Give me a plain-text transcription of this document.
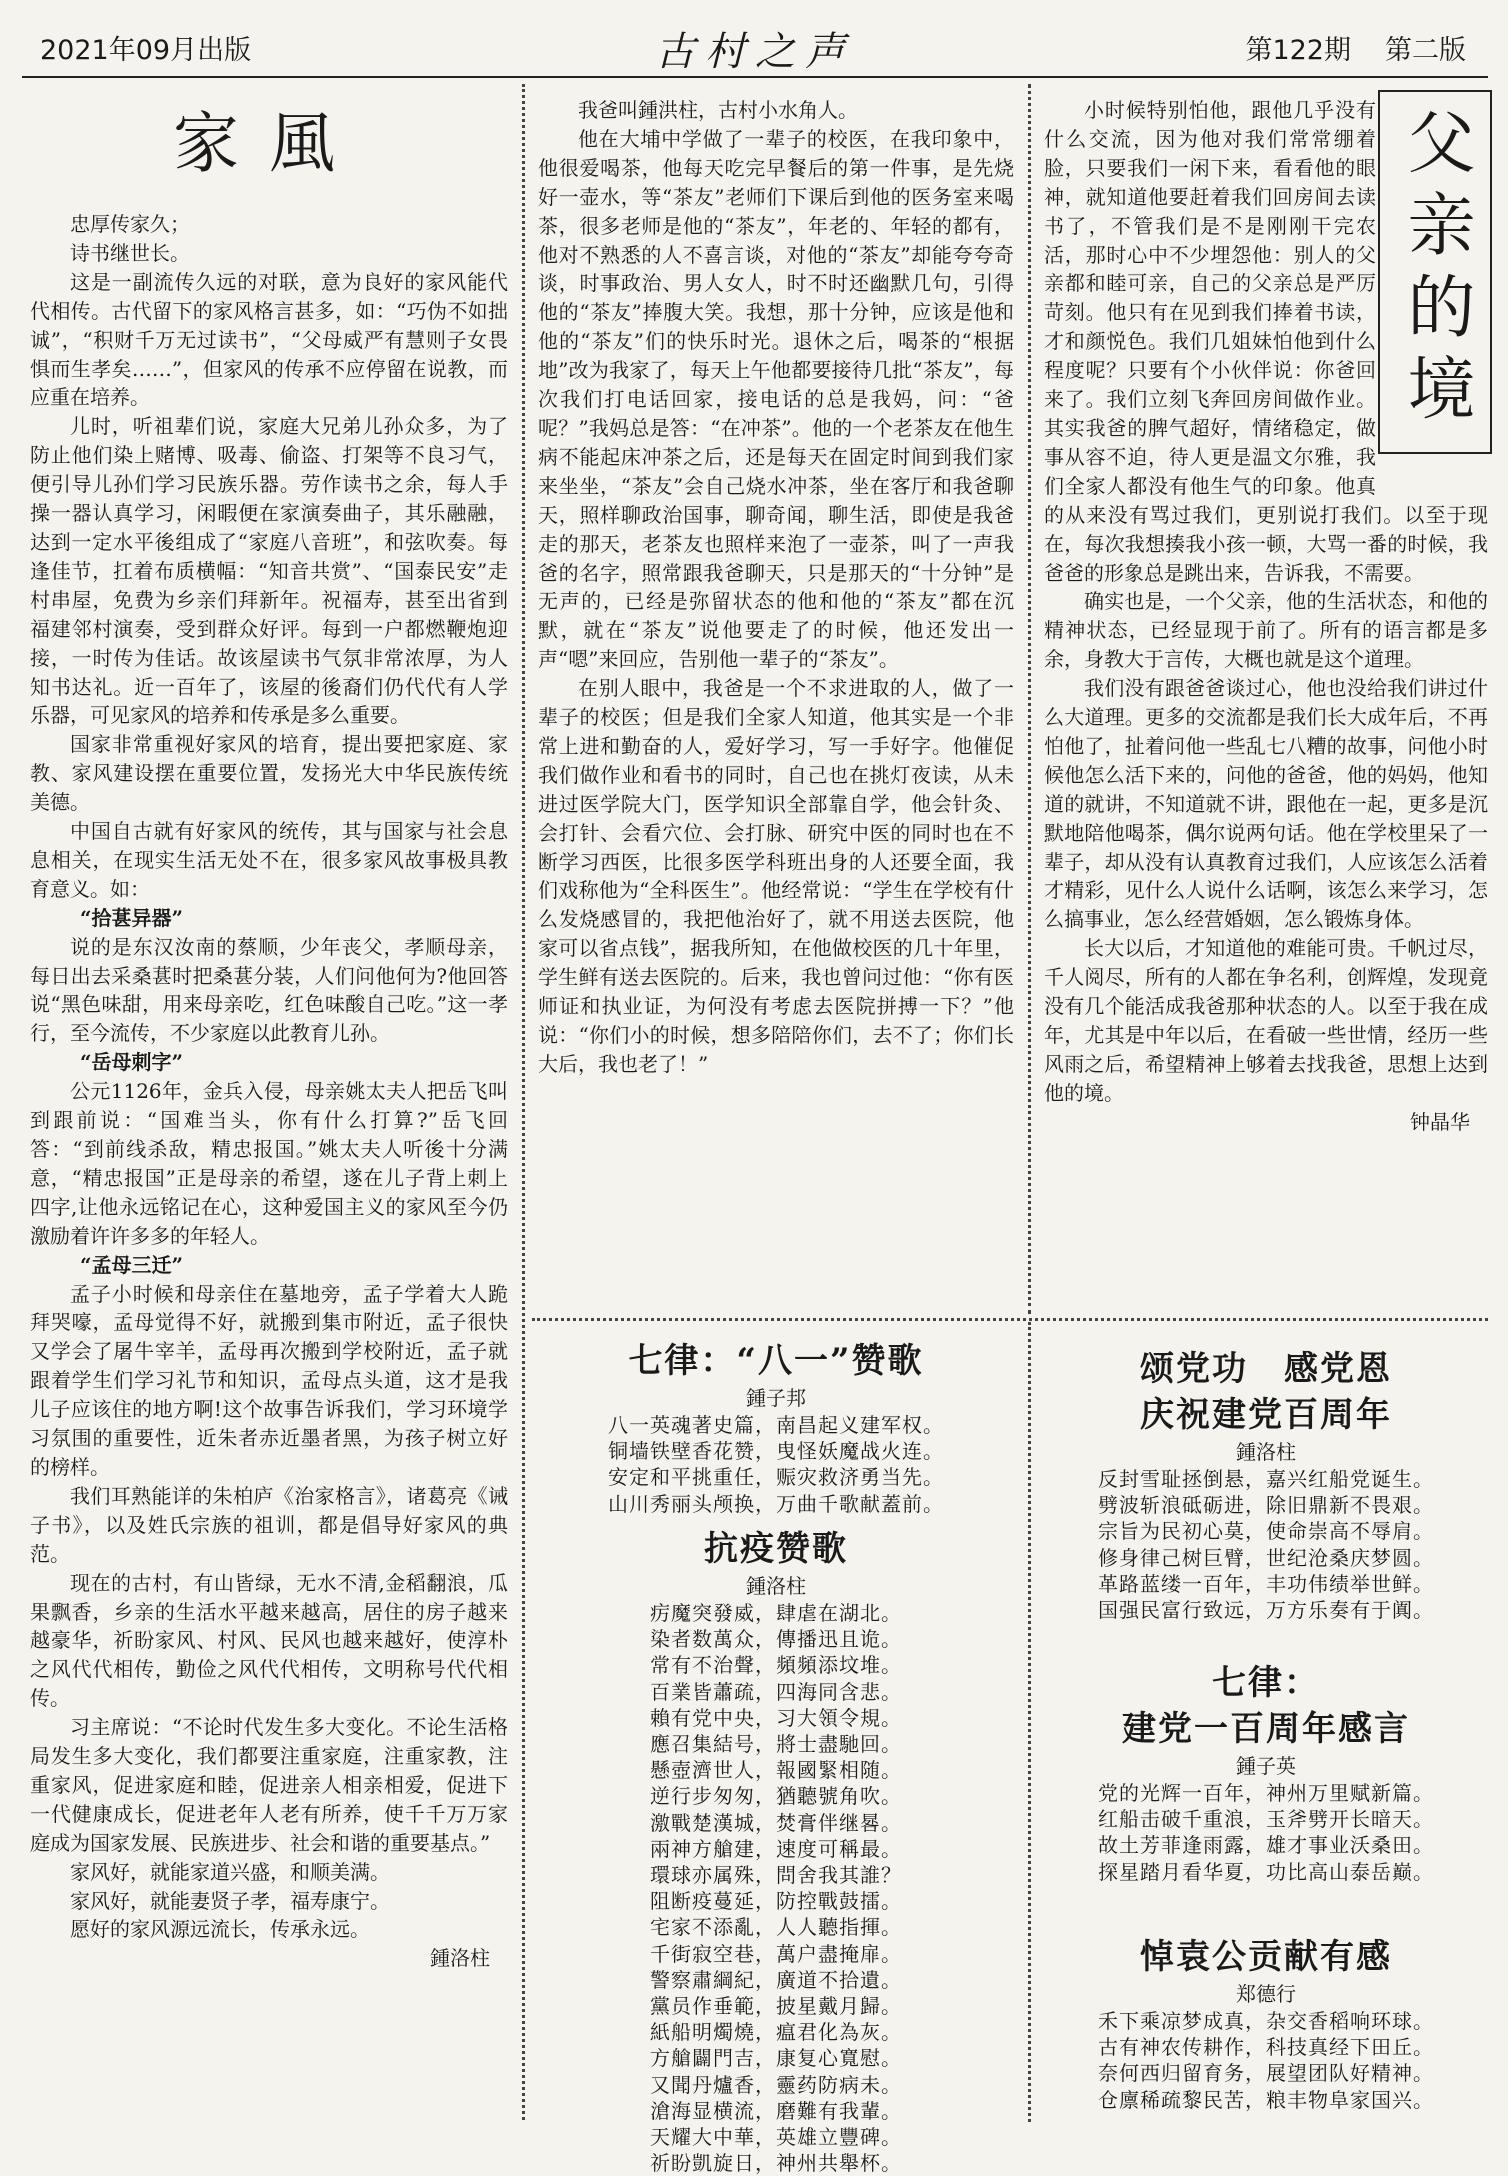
2021年09月出版	古村之声	第122期 第二版
家風

忠厚传家久；

诗书继世长。

这是一副流传久远的对联，意为良好的家风能代代相传。古代留下的家风格言甚多，如：“巧伪不如拙诚”，“积财千万无过读书”，“父母威严有慧则子女畏惧而生孝矣……”，但家风的传承不应停留在说教，而应重在培养。

儿时，听祖辈们说，家庭大兄弟儿孙众多，为了防止他们染上赌博、吸毒、偷盗、打架等不良习气，便引导儿孙们学习民族乐器。劳作读书之余，每人手操一器认真学习，闲暇便在家演奏曲子，其乐融融，达到一定水平後组成了“家庭八音班”，和弦吹奏。每逢佳节，扛着布质横幅：“知音共赏”、“国泰民安”走村串屋，免费为乡亲们拜新年。祝福寿，甚至出省到福建邻村演奏，受到群众好评。每到一户都燃鞭炮迎接，一时传为佳话。故该屋读书气氛非常浓厚，为人知书达礼。近一百年了，该屋的後裔们仍代代有人学乐器，可见家风的培养和传承是多么重要。

国家非常重视好家风的培育，提出要把家庭、家教、家风建设摆在重要位置，发扬光大中华民族传统美德。

中国自古就有好家风的统传，其与国家与社会息息相关，在现实生活无处不在，很多家风故事极具教育意义。如：

“拾葚异器”

说的是东汉汝南的蔡顺，少年丧父，孝顺母亲，每日出去采桑葚时把桑葚分装，人们问他何为?他回答说“黑色味甜，用来母亲吃，红色味酸自己吃。”这一孝行，至今流传，不少家庭以此教育儿孙。

“岳母刺字”

公元1126年，金兵入侵，母亲姚太夫人把岳飞叫到跟前说：“国难当头，你有什么打算?”岳飞回答：“到前线杀敌，精忠报国。”姚太夫人听後十分满意，“精忠报国”正是母亲的希望，遂在儿子背上刺上四字,让他永远铭记在心，这种爱国主义的家风至今仍激励着许许多多的年轻人。

“孟母三迁”

孟子小时候和母亲住在墓地旁，孟子学着大人跪拜哭嚎，孟母觉得不好，就搬到集市附近，孟子很快又学会了屠牛宰羊，孟母再次搬到学校附近，孟子就跟着学生们学习礼节和知识，孟母点头道，这才是我儿子应该住的地方啊!这个故事告诉我们，学习环境学习氛围的重要性，近朱者赤近墨者黑，为孩子树立好的榜样。

我们耳熟能详的朱柏庐《治家格言》，诸葛亮《诫子书》，以及姓氏宗族的祖训，都是倡导好家风的典范。

现在的古村，有山皆绿，无水不清,金稻翻浪，瓜果飘香，乡亲的生活水平越来越高，居住的房子越来越豪华，祈盼家风、村风、民风也越来越好，使淳朴之风代代相传，勤俭之风代代相传，文明称号代代相传。

习主席说：“不论时代发生多大变化。不论生活格局发生多大变化，我们都要注重家庭，注重家教，注重家风，促进家庭和睦，促进亲人相亲相爱，促进下一代健康成长，促进老年人老有所养，使千千万万家庭成为国家发展、民族进步、社会和谐的重要基点。”

家风好，就能家道兴盛，和顺美满。

家风好，就能妻贤子孝，福寿康宁。

愿好的家风源远流长，传承永远。

鍾洛柱

我爸叫鍾洪柱，古村小水角人。

他在大埔中学做了一辈子的校医，在我印象中，他很爱喝茶，他每天吃完早餐后的第一件事，是先烧好一壶水，等“茶友”老师们下课后到他的医务室来喝茶，很多老师是他的“茶友”，年老的、年轻的都有，他对不熟悉的人不喜言谈，对他的“茶友”却能夸夸奇谈，时事政治、男人女人，时不时还幽默几句，引得他的“茶友”捧腹大笑。我想，那十分钟，应该是他和他的“茶友”们的快乐时光。退休之后，喝茶的“根据地”改为我家了，每天上午他都要接待几批“茶友”，每次我们打电话回家，接电话的总是我妈，问：“爸呢？”我妈总是答：“在冲茶”。他的一个老茶友在他生病不能起床冲茶之后，还是每天在固定时间到我们家来坐坐，“茶友”会自己烧水冲茶，坐在客厅和我爸聊天，照样聊政治国事，聊奇闻，聊生活，即使是我爸走的那天，老茶友也照样来泡了一壶茶，叫了一声我爸的名字，照常跟我爸聊天，只是那天的“十分钟”是无声的，已经是弥留状态的他和他的“茶友”都在沉默，就在“茶友”说他要走了的时候，他还发出一声“嗯”来回应，告别他一辈子的“茶友”。

在别人眼中，我爸是一个不求进取的人，做了一辈子的校医；但是我们全家人知道，他其实是一个非常上进和勤奋的人，爱好学习，写一手好字。他催促我们做作业和看书的同时，自己也在挑灯夜读，从未进过医学院大门，医学知识全部靠自学，他会针灸、会打针、会看穴位、会打脉、研究中医的同时也在不断学习西医，比很多医学科班出身的人还要全面，我们戏称他为“全科医生”。他经常说：“学生在学校有什么发烧感冒的，我把他治好了，就不用送去医院，他家可以省点钱”，据我所知，在他做校医的几十年里，学生鲜有送去医院的。后来，我也曾问过他：“你有医师证和执业证，为何没有考虑去医院拼搏一下？”他说：“你们小的时候，想多陪陪你们，去不了；你们长大后，我也老了！”

小时候特别怕他，跟他几乎没有什么交流，因为他对我们常常绷着脸，只要我们一闲下来，看看他的眼神，就知道他要赶着我们回房间去读书了，不管我们是不是刚刚干完农活，那时心中不少埋怨他：别人的父亲都和睦可亲，自己的父亲总是严厉苛刻。他只有在见到我们捧着书读，才和颜悦色。我们几姐妹怕他到什么程度呢？只要有个小伙伴说：你爸回来了。我们立刻飞奔回房间做作业。其实我爸的脾气超好，情绪稳定，做事从容不迫，待人更是温文尔雅，我们全家人都没有他生气的印象。他真的从来没有骂过我们，更别说打我们。以至于现在，每次我想揍我小孩一顿，大骂一番的时候，我爸爸的形象总是跳出来，告诉我，不需要。

确实也是，一个父亲，他的生活状态，和他的精神状态，已经显现于前了。所有的语言都是多余，身教大于言传，大概也就是这个道理。

我们没有跟爸爸谈过心，他也没给我们讲过什么大道理。更多的交流都是我们长大成年后，不再怕他了，扯着问他一些乱七八糟的故事，问他小时候他怎么活下来的，问他的爸爸，他的妈妈，他知道的就讲，不知道就不讲，跟他在一起，更多是沉默地陪他喝茶，偶尔说两句话。他在学校里呆了一辈子，却从没有认真教育过我们，人应该怎么活着才精彩，见什么人说什么话啊，该怎么来学习，怎么搞事业，怎么经营婚姻，怎么锻炼身体。

长大以后，才知道他的难能可贵。千帆过尽，千人阅尽，所有的人都在争名利，创辉煌，发现竟没有几个能活成我爸那种状态的人。以至于我在成年，尤其是中年以后，在看破一些世情，经历一些风雨之后，希望精神上够着去找我爸，思想上达到他的境。

钟晶华

父亲的境
七律：“八一”赞歌
鍾子邦
八一英魂著史篇，南昌起义建军权。
铜墙铁壁香花赞，曳怪妖魔战火连。
安定和平挑重任，赈灾救济勇当先。
山川秀丽头颅换，万曲千歌献蓋前。
抗疫赞歌
鍾洛柱
疠魔突發威，肆虐在湖北。
染者数萬众，傳播迅且诡。
常有不治聲，頻頻添坟堆。
百業皆蕭疏，四海同含悲。
賴有党中央，习大領令規。
應召集結号，將士盡馳回。
懸壺濟世人，報國緊相随。
逆行步匆匆，猶聽號角吹。
激戰楚漢城，焚膏伴继晷。
兩神方艙建，速度可稱最。
環球亦属殊，問舍我其誰？
阻断疫蔓延，防控戰鼓擂。
宅家不添亂，人人聽指揮。
千街寂空巷，萬户盡掩扉。
警察肅綱紀，廣道不拾遺。
黨员作垂範，披星戴月歸。
紙船明燭燒，瘟君化為灰。
方艙闢門吉，康复心寬慰。
又聞丹爐香，靈药防病未。
滄海显横流，磨難有我輩。
天耀大中華，英雄立豐碑。
祈盼凱旋日，神州共舉杯。
颂党功　感党恩
庆祝建党百周年
鍾洛柱
反封雪耻拯倒悬，嘉兴红船党诞生。
劈波斩浪砥砺进，除旧鼎新不畏艰。
宗旨为民初心莫，使命崇高不辱肩。
修身律己树巨臂，世纪沧桑庆梦圆。
革路蓝缕一百年，丰功伟绩举世鲜。
国强民富行致远，万方乐奏有于阗。
七律：
建党一百周年感言
鍾子英
党的光辉一百年，神州万里赋新篇。
红船击破千重浪，玉斧劈开长暗天。
故土芳菲逢雨露，雄才事业沃桑田。
探星踏月看华夏，功比高山泰岳巅。
悼袁公贡献有感
郑德行
禾下乘凉梦成真，杂交香稻响环球。
古有神农传耕作，科技真经下田丘。
奈何西归留育务，展望团队好精神。
仓廪稀疏黎民苦，粮丰物阜家国兴。
